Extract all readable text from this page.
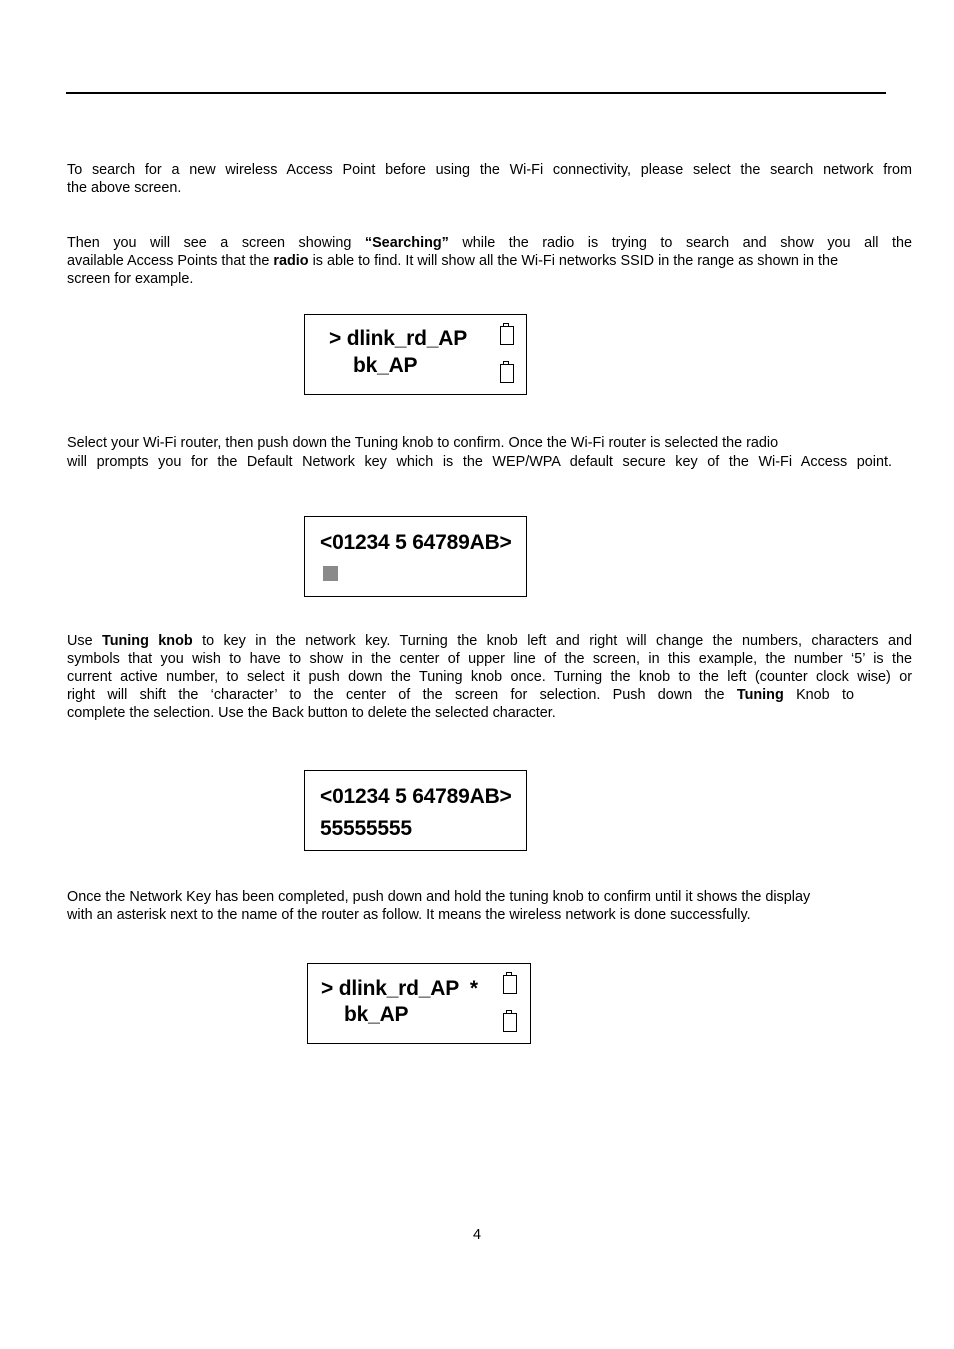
To search for a new wireless Access Point before using the Wi-Fi connectivity, please select the search network from
the above screen.

Then you will see a screen showing “Searching” while the radio is trying to search and show you all the
available Access Points that the radio is able to find. It will show all the Wi-Fi networks SSID in the range as shown in the
screen for example.

> dlink_rd_AP
bk_AP

Select your Wi-Fi router, then push down the Tuning knob to confirm. Once the Wi-Fi router is selected the radio
will prompts you for the Default Network key which is the WEP/WPA default secure key of the Wi-Fi Access point.

<01234 5 64789AB>

Use Tuning knob to key in the network key. Turning the knob left and right will change the numbers, characters and
symbols that you wish to have to show in the center of upper line of the screen, in this example, the number ‘5’ is the
current active number, to select it push down the Tuning knob once. Turning the knob to the left (counter clock wise) or
right will shift the ‘character’ to the center of the screen for selection. Push down the Tuning Knob to
complete the selection. Use the Back button to delete the selected character.

<01234 5 64789AB>
55555555

Once the Network Key has been completed, push down and hold the tuning knob to confirm until it shows the display
with an asterisk next to the name of the router as follow. It means the wireless network is done successfully.

> dlink_rd_AP  *
bk_AP
4
